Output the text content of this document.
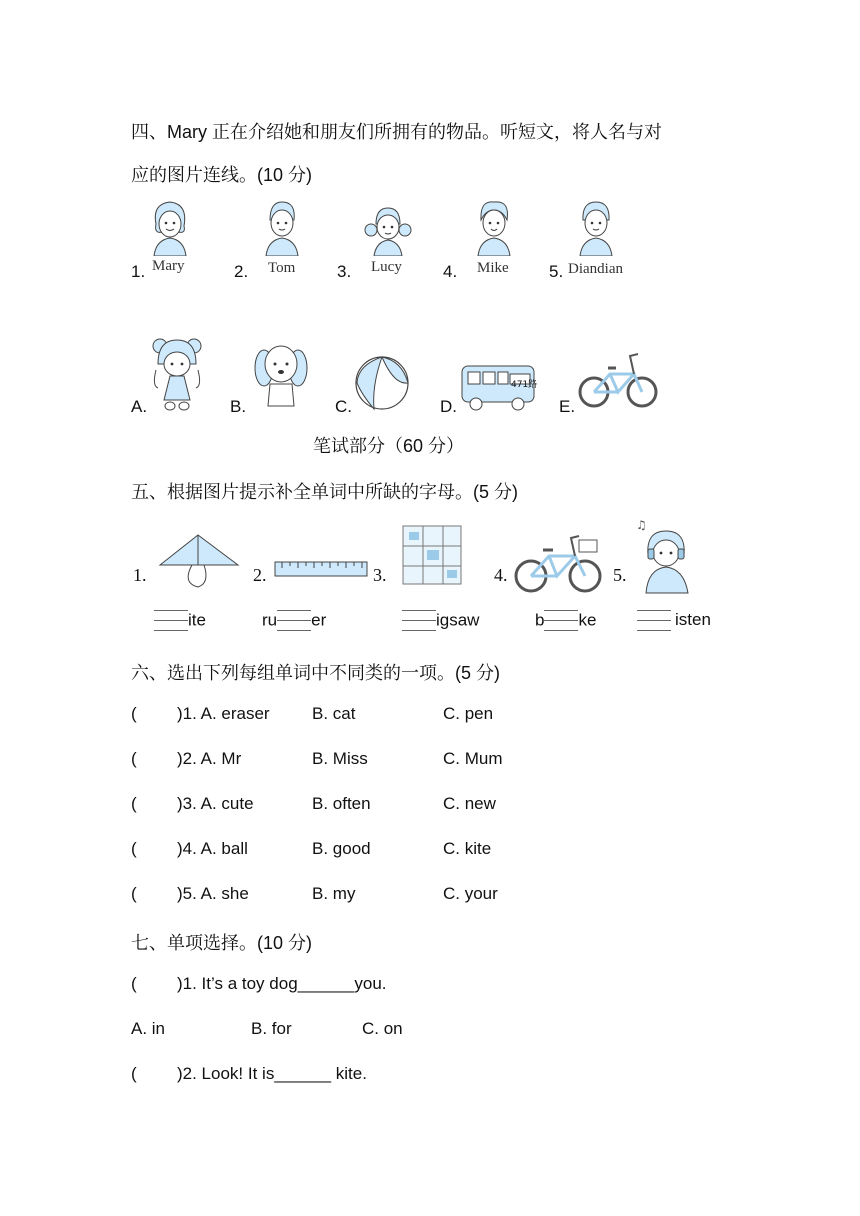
四、Mary 正在介绍她和朋友们所拥有的物品。听短文，将人名与对
应的图片连线。(10 分)
1. Mary	2. Tom 3. Lucy 4. Mike 5. Diandian
A.	B.	C.	D.
471路
E.
笔试部分（60 分）
五、根据图片提示补全单词中所缺的字母。(5 分)
1.	2.	3.	4.	5.
♫
ite	ru er	igsaw	b ke	isten
六、选出下列每组单词中不同类的一项。(5 分)
( )1. A. eraser B. cat	C. pen
( )2. A. Mr	B. Miss	C. Mum
( )3. A. cute	B. often	C. new
( )4. A. ball	B. good	C. kite
( )5. A. she	B. my	C. your
七、单项选择。(10 分)
( )1. It’s a toy dog______you.
A. in	B. for	C. on
( )2. Look! It is______ kite.
